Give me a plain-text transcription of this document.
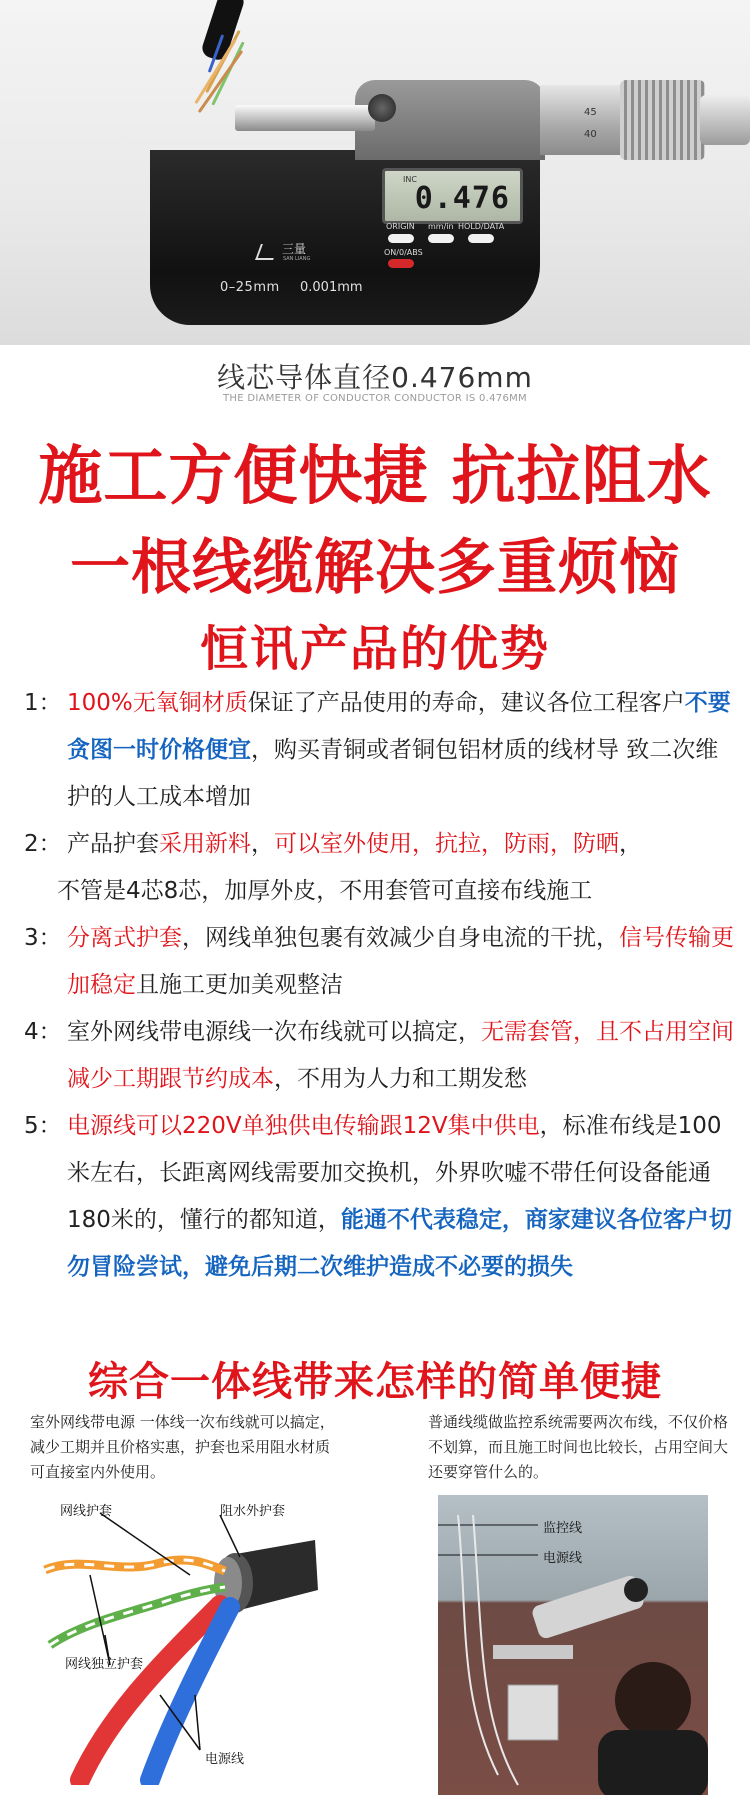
45
40
INC
0.476
ORIGIN mm/in HOLD/DATA
ON/0/ABS
三量
SAN LIANG
0–25mm 0.001mm
线芯导体直径0.476mm
THE DIAMETER OF CONDUCTOR CONDUCTOR IS 0.476MM
施工方便快捷 抗拉阻水
一根线缆解决多重烦恼
恒讯产品的优势
1： 100%无氧铜材质保证了产品使用的寿命，建议各位工程客户不要贪图一时价格便宜，购买青铜或者铜包铝材质的线材导 致二次维护的人工成本增加
2： 产品护套采用新料，可以室外使用，抗拉，防雨，防晒，
不管是4芯8芯，加厚外皮，不用套管可直接布线施工
3： 分离式护套，网线单独包裹有效减少自身电流的干扰，信号传输更加稳定且施工更加美观整洁
4： 室外网线带电源线一次布线就可以搞定，无需套管，且不占用空间减少工期跟节约成本，不用为人力和工期发愁
5： 电源线可以220V单独供电传输跟12V集中供电，标准布线是100米左右，长距离网线需要加交换机，外界吹嘘不带任何设备能通180米的，懂行的都知道，能通不代表稳定，商家建议各位客户切勿冒险尝试，避免后期二次维护造成不必要的损失
综合一体线带来怎样的简单便捷
室外网线带电源 一体线一次布线就可以搞定，减少工期并且价格实惠，护套也采用阻水材质可直接室内外使用。
普通线缆做监控系统需要两次布线，不仅价格不划算，而且施工时间也比较长，占用空间大还要穿管什么的。
网线护套	阻水外护套
网线独立护套
电源线
监控线
电源线
